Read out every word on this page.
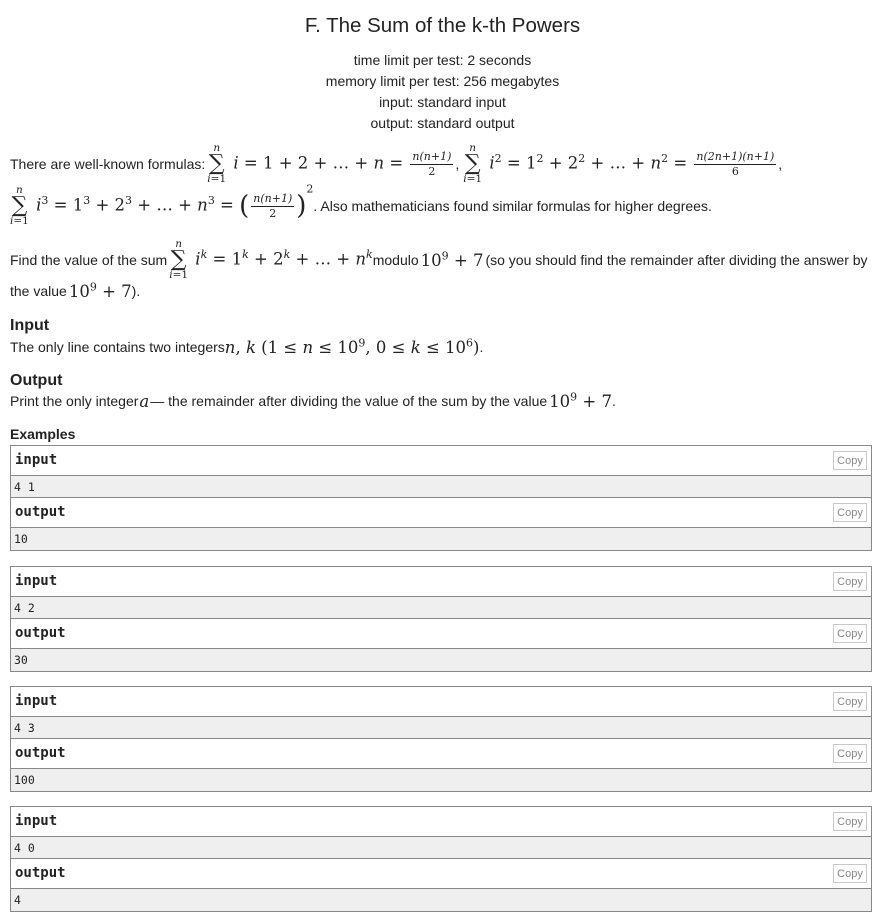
F. The Sum of the k-th Powers
time limit per test: 2 seconds
memory limit per test: 256 megabytes
input: standard input
output: standard output
There are well-known formulas:
n
∑
i=1
i = 1 + 2 + … + $n = \frac{n(n+1)}{2}$ ,
n
∑
i=1
$i^2 = 1^2 + 2^2$ + … + $n^2 = \frac{n(2n+1)(n+1)}{6}$ ,
n
∑
i=1
$i^3 = 1^3 + 2^3$ + … + $n^3$ = ( $\frac{n(n+1)}{2} )^2$
. Also mathematicians found similar formulas for higher degrees.
Find the value of the sum
n
∑
i=1
$i^k = 1^k + 2^k$ + … + $n^k$ modulo $10^9 + 7$ (so you should find the remainder after dividing the answer by
the value $10^9 + 7$ ).
Input
The only line contains two integers n, k ($1 \le n \le 10^9$, $0 \le k \le 10^6$) .
Output
Print the only integer a — the remainder after dividing the value of the sum by the value $10^9 + 7$ .
Examples
input	Copy
4 1
output	Copy
10
input	Copy
4 2
output	Copy
30
input	Copy
4 3
output	Copy
100
input	Copy
4 0
output	Copy
4
